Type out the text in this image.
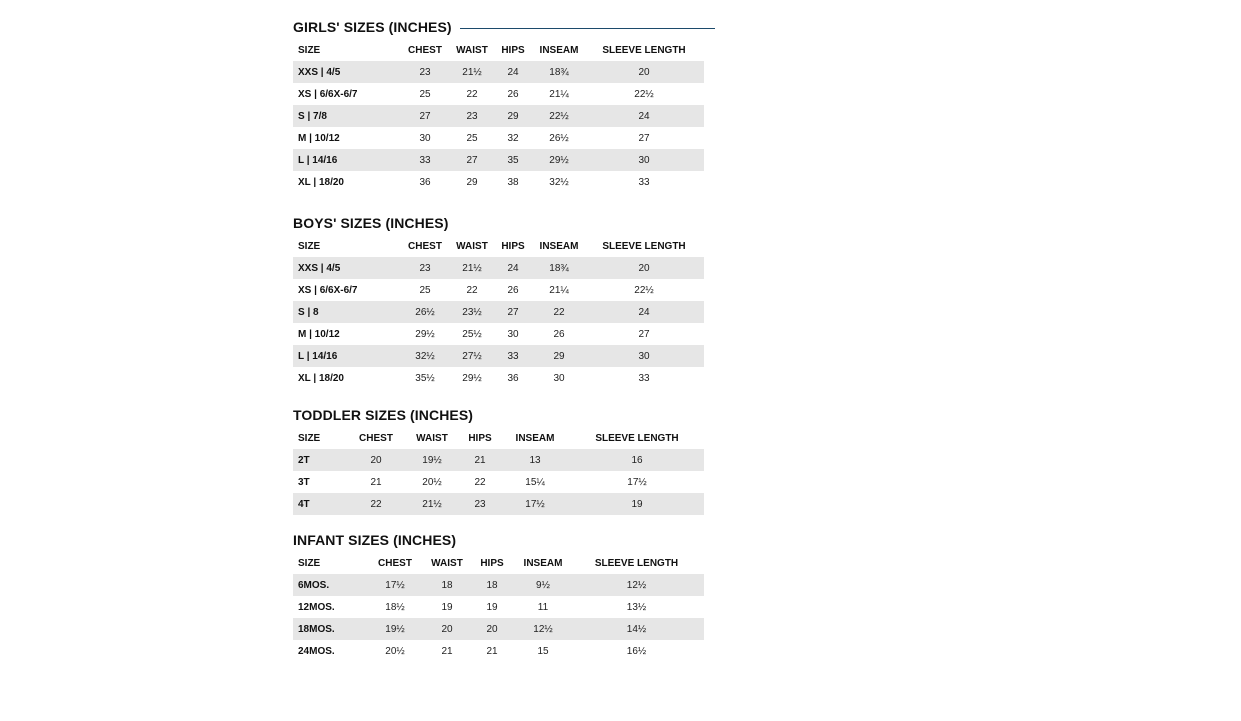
GIRLS' SIZES (INCHES)
SIZE	CHEST	WAIST	HIPS	INSEAM	SLEEVE LENGTH
XXS | 4/5	23	21½	24	18¾	20
XS | 6/6X-6/7	25	22	26	21¼	22½
S | 7/8	27	23	29	22½	24
M | 10/12	30	25	32	26½	27
L | 14/16	33	27	35	29½	30
XL | 18/20	36	29	38	32½	33
BOYS' SIZES (INCHES)
SIZE	CHEST	WAIST	HIPS	INSEAM	SLEEVE LENGTH
XXS | 4/5	23	21½	24	18¾	20
XS | 6/6X-6/7	25	22	26	21¼	22½
S | 8	26½	23½	27	22	24
M | 10/12	29½	25½	30	26	27
L | 14/16	32½	27½	33	29	30
XL | 18/20	35½	29½	36	30	33
TODDLER SIZES (INCHES)
SIZE	CHEST	WAIST	HIPS	INSEAM	SLEEVE LENGTH
2T	20	19½	21	13	16
3T	21	20½	22	15¼	17½
4T	22	21½	23	17½	19
INFANT SIZES (INCHES)
SIZE	CHEST	WAIST	HIPS	INSEAM	SLEEVE LENGTH
6MOS.	17½	18	18	9½	12½
12MOS.	18½	19	19	11	13½
18MOS.	19½	20	20	12½	14½
24MOS.	20½	21	21	15	16½
